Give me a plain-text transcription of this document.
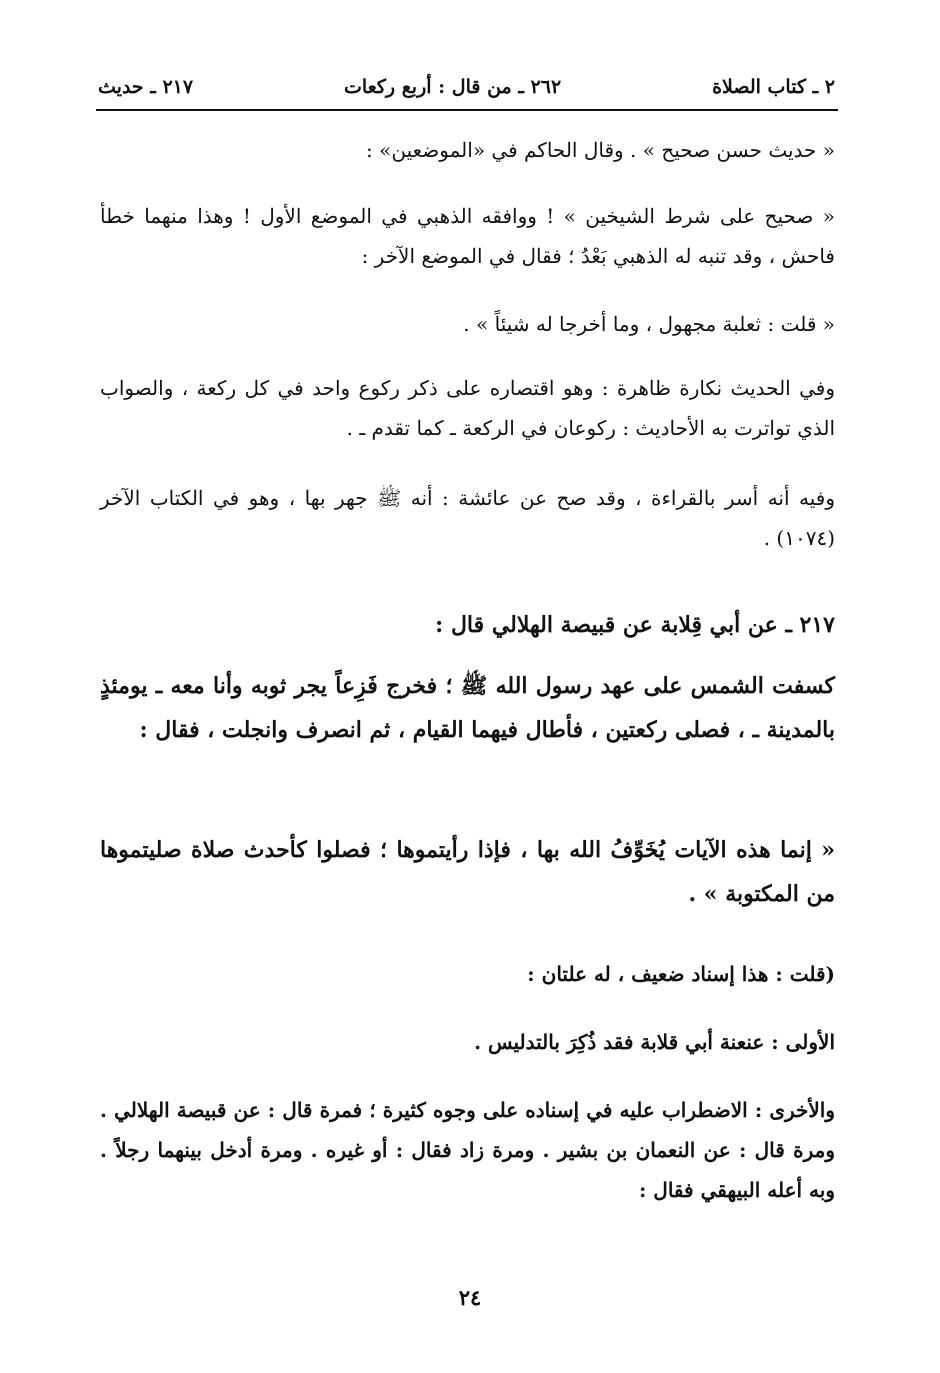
٢ ـ كتاب الصلاة
٢٦٢ ـ من قال : أربع ركعات
٢١٧ ـ حديث
« حديث حسن صحيح » . وقال الحاكم في «الموضعين» :
« صحيح على شرط الشيخين » ! ووافقه الذهبي في الموضع الأول ! وهذا منهما خطأ فاحش ، وقد تنبه له الذهبي بَعْدُ ؛ فقال في الموضع الآخر :
« قلت : ثعلبة مجهول ، وما أخرجا له شيئاً » .
وفي الحديث نكارة ظاهرة : وهو اقتصاره على ذكر ركوع واحد في كل ركعة ، والصواب الذي تواترت به الأحاديث : ركوعان في الركعة ـ كما تقدم ـ .
وفيه أنه أسر بالقراءة ، وقد صح عن عائشة : أنه ﷺ جهر بها ، وهو في الكتاب الآخر (١٠٧٤) .
٢١٧ ـ عن أبي قِلابة عن قبيصة الهلالي قال :
كسفت الشمس على عهد رسول الله ﷺ ؛ فخرج فَزِعاً يجر ثوبه وأنا معه ـ يومئذٍ بالمدينة ـ ، فصلى ركعتين ، فأطال فيهما القيام ، ثم انصرف وانجلت ، فقال :
« إنما هذه الآيات يُخَوِّفُ الله بها ، فإذا رأيتموها ؛ فصلوا كأحدث صلاة صليتموها من المكتوبة » .
(قلت : هذا إسناد ضعيف ، له علتان :
الأولى : عنعنة أبي قلابة فقد ذُكِرَ بالتدليس .
والأخرى : الاضطراب عليه في إسناده على وجوه كثيرة ؛ فمرة قال : عن قبيصة الهلالي . ومرة قال : عن النعمان بن بشير . ومرة زاد فقال : أو غيره . ومرة أدخل بينهما رجلاً . وبه أعله البيهقي فقال :
٢٤
